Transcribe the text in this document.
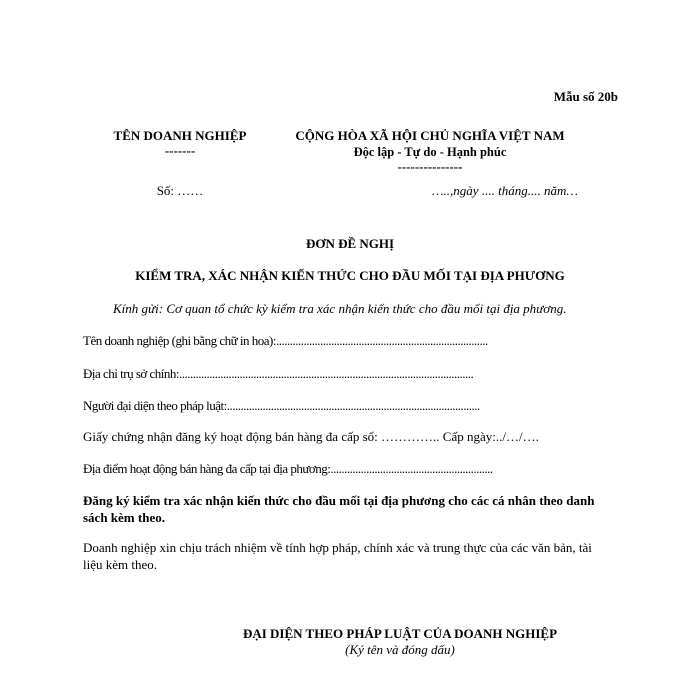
Mẫu số 20b
TÊN DOANH NGHIỆP
-------
Số: ……
CỘNG HÒA XÃ HỘI CHỦ NGHĨA VIỆT NAM
Độc lập - Tự do - Hạnh phúc
---------------
…..,ngày .... tháng.... năm…
ĐƠN ĐỀ NGHỊ
KIỂM TRA, XÁC NHẬN KIẾN THỨC CHO ĐẦU MỐI TẠI ĐỊA PHƯƠNG
Kính gửi: Cơ quan tổ chức kỳ kiểm tra xác nhận kiến thức cho đầu mối tại địa phương.
Tên doanh nghiệp (ghi bằng chữ in hoa):.............................................................................
Địa chỉ trụ sở chính:...........................................................................................................
Người đại diện theo pháp luật:............................................................................................
Giấy chứng nhận đăng ký hoạt động bán hàng đa cấp số: ………….. Cấp ngày:../…/….
Địa điểm hoạt động bán hàng đa cấp tại địa phương:...........................................................
Đăng ký kiểm tra xác nhận kiến thức cho đầu mối tại địa phương cho các cá nhân theo danh sách kèm theo.
Doanh nghiệp xin chịu trách nhiệm về tính hợp pháp, chính xác và trung thực của các văn bản, tài liệu kèm theo.
ĐẠI DIỆN THEO PHÁP LUẬT CỦA DOANH NGHIỆP
(Ký tên và đóng dấu)
